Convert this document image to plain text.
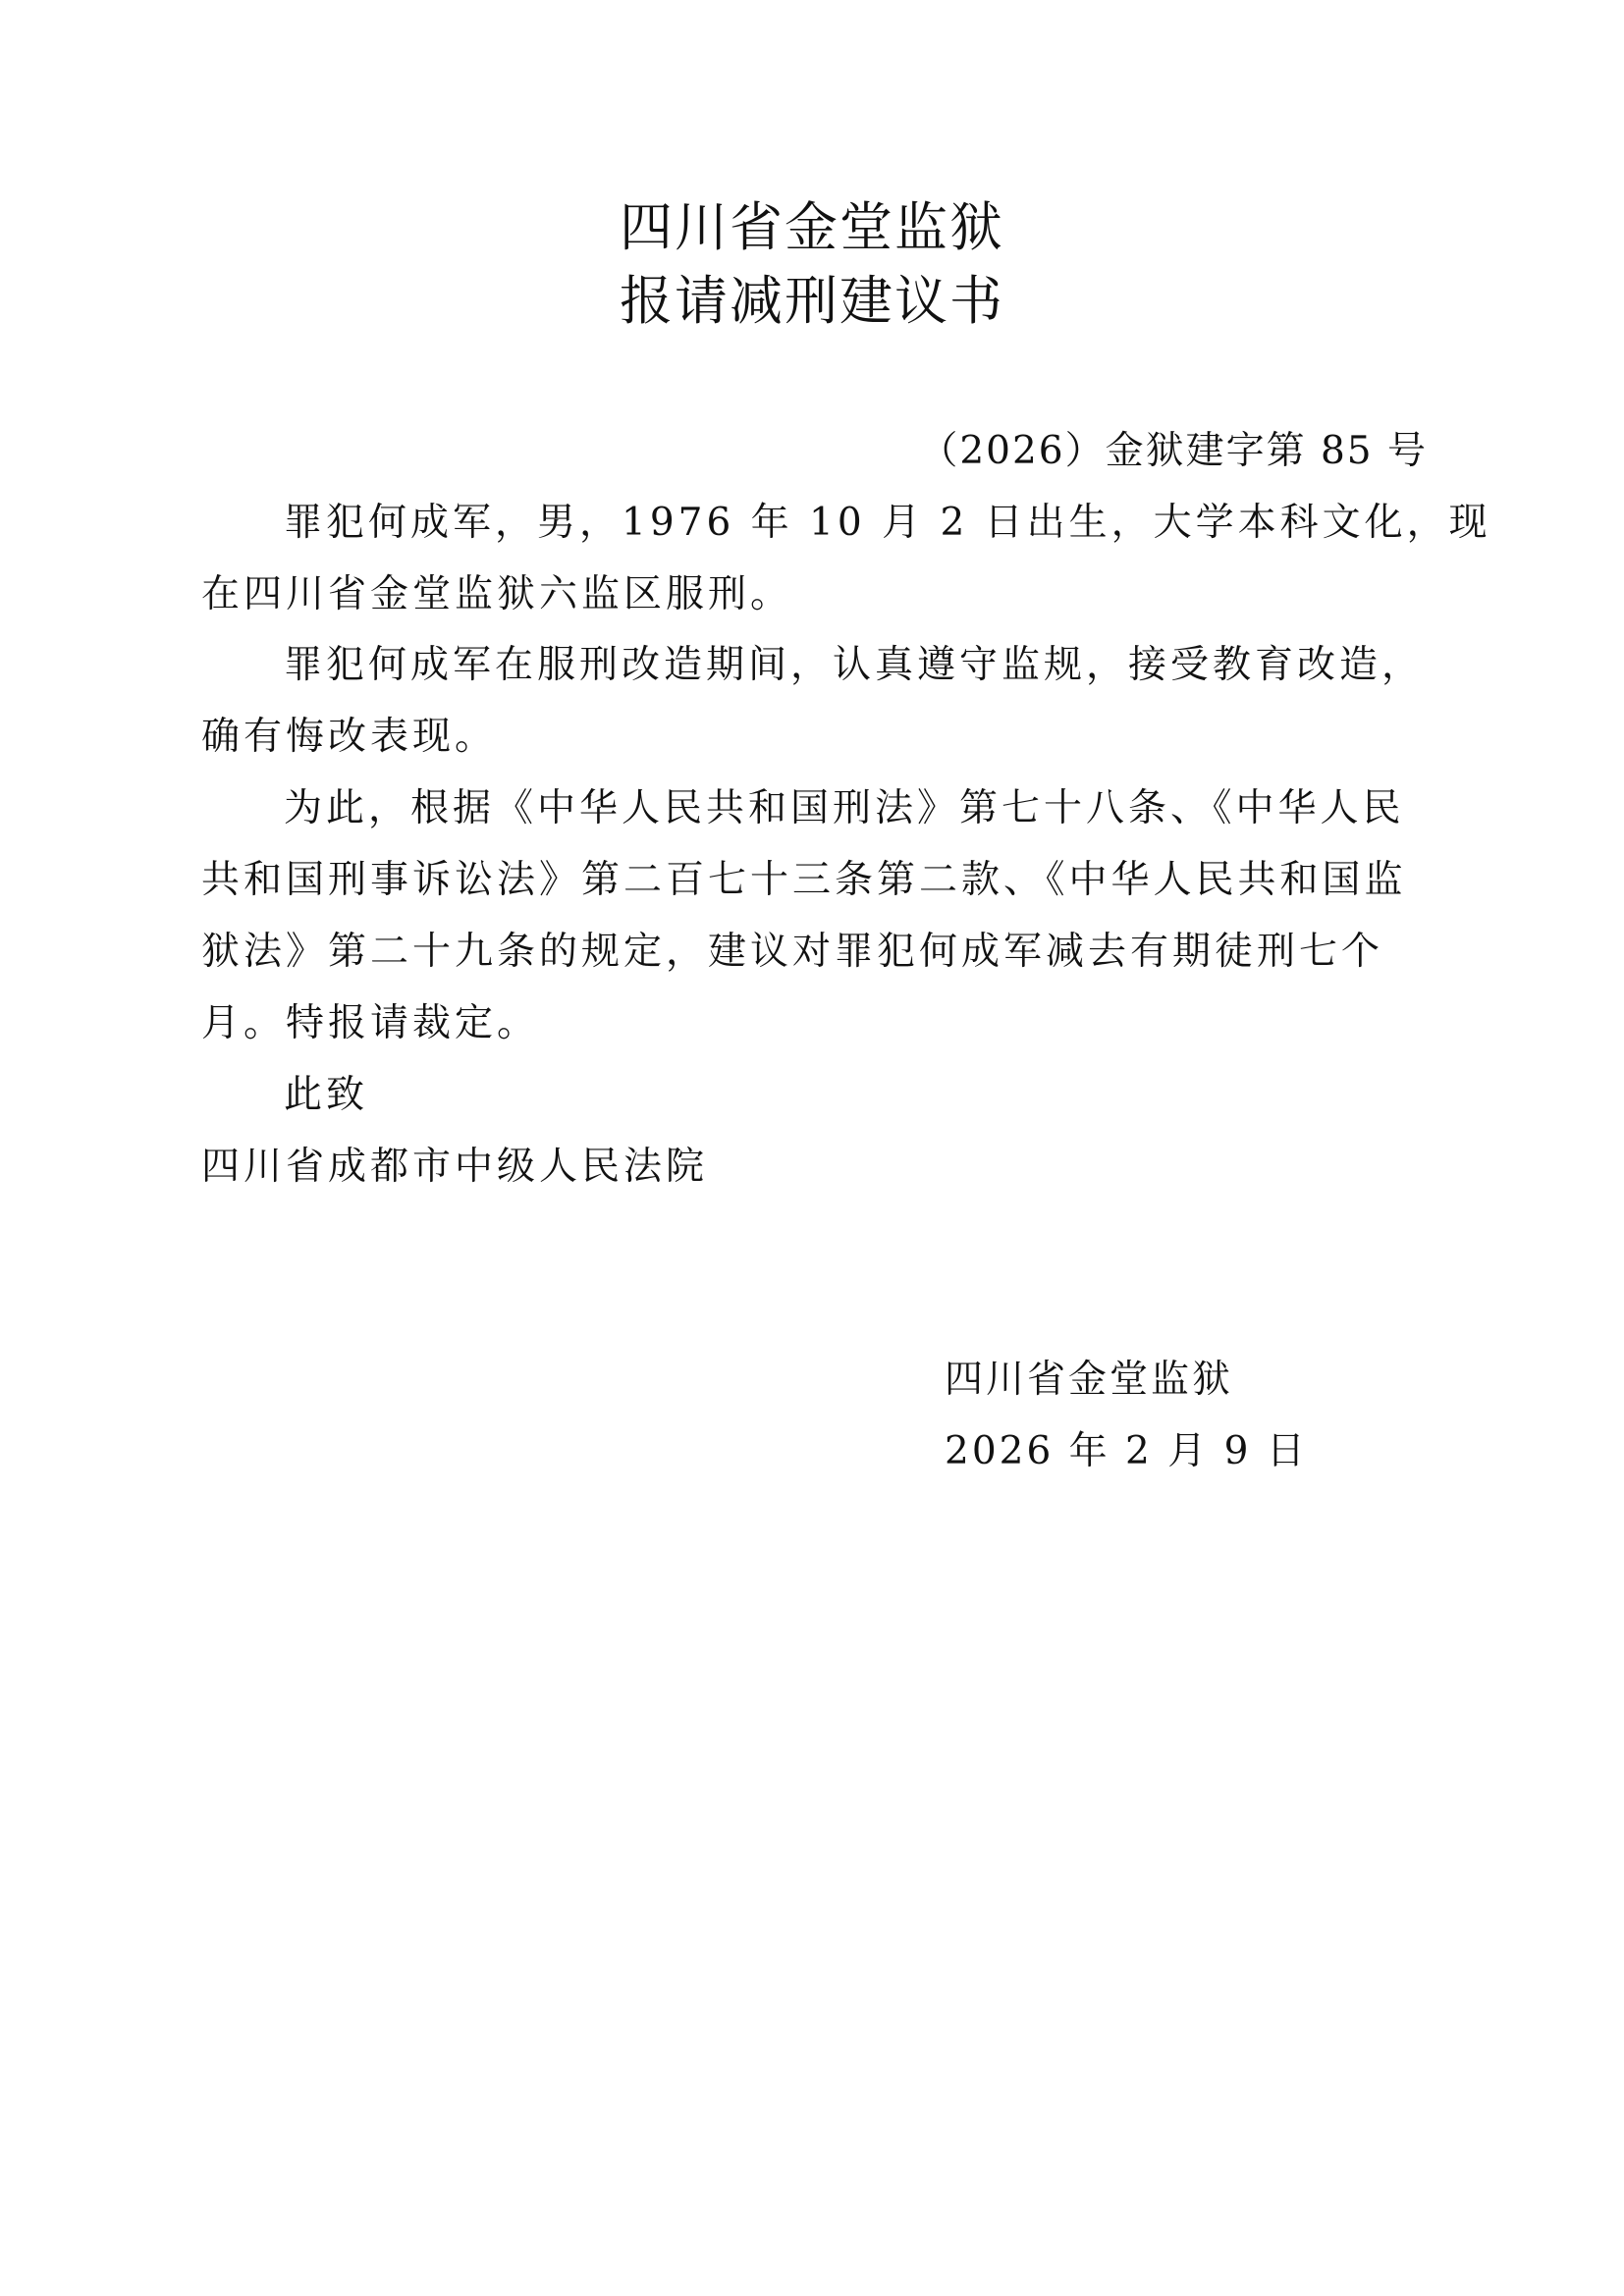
四川省金堂监狱
报请减刑建议书
（2026）金狱建字第 85 号
罪犯何成军，男，1976 年 10 月 2 日出生，大学本科文化，现
在四川省金堂监狱六监区服刑。
罪犯何成军在服刑改造期间，认真遵守监规，接受教育改造，
确有悔改表现。
为此，根据《中华人民共和国刑法》第七十八条、《中华人民
共和国刑事诉讼法》第二百七十三条第二款、《中华人民共和国监
狱法》第二十九条的规定，建议对罪犯何成军减去有期徒刑七个
月。特报请裁定。
此致
四川省成都市中级人民法院
四川省金堂监狱
2026 年 2 月 9 日
